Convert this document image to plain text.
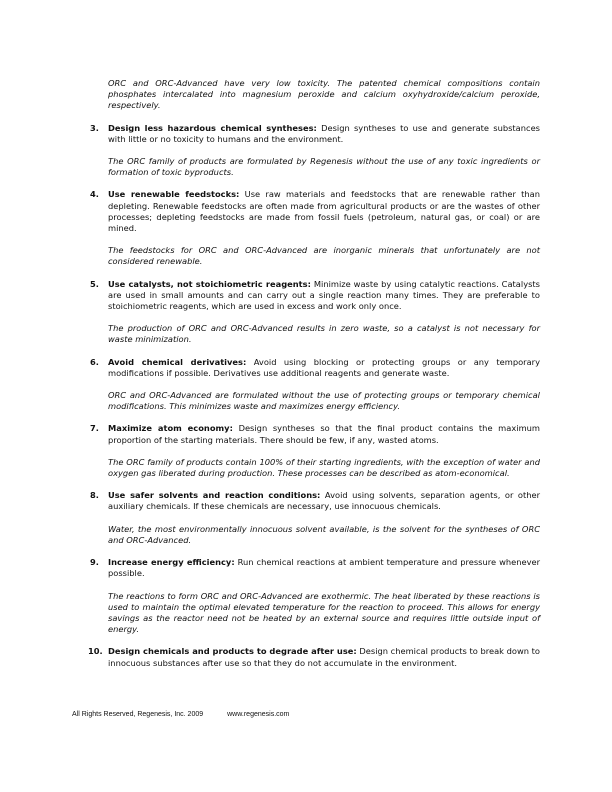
ORC and ORC-Advanced have very low toxicity. The patented chemical compositions contain phosphates intercalated into magnesium peroxide and calcium oxyhydroxide/calcium peroxide, respectively.

3. Design less hazardous chemical syntheses: Design syntheses to use and generate substances with little or no toxicity to humans and the environment.

The ORC family of products are formulated by Regenesis without the use of any toxic ingredients or formation of toxic byproducts.

4. Use renewable feedstocks: Use raw materials and feedstocks that are renewable rather than depleting. Renewable feedstocks are often made from agricultural products or are the wastes of other processes; depleting feedstocks are made from fossil fuels (petroleum, natural gas, or coal) or are mined.

The feedstocks for ORC and ORC-Advanced are inorganic minerals that unfortunately are not considered renewable.

5. Use catalysts, not stoichiometric reagents: Minimize waste by using catalytic reactions. Catalysts are used in small amounts and can carry out a single reaction many times. They are preferable to stoichiometric reagents, which are used in excess and work only once.

The production of ORC and ORC-Advanced results in zero waste, so a catalyst is not necessary for waste minimization.

6. Avoid chemical derivatives: Avoid using blocking or protecting groups or any temporary modifications if possible. Derivatives use additional reagents and generate waste.

ORC and ORC-Advanced are formulated without the use of protecting groups or temporary chemical modifications. This minimizes waste and maximizes energy efficiency.

7. Maximize atom economy: Design syntheses so that the final product contains the maximum proportion of the starting materials. There should be few, if any, wasted atoms.

The ORC family of products contain 100% of their starting ingredients, with the exception of water and oxygen gas liberated during production. These processes can be described as atom-economical.

8. Use safer solvents and reaction conditions: Avoid using solvents, separation agents, or other auxiliary chemicals. If these chemicals are necessary, use innocuous chemicals.

Water, the most environmentally innocuous solvent available, is the solvent for the syntheses of ORC and ORC-Advanced.

9. Increase energy efficiency: Run chemical reactions at ambient temperature and pressure whenever possible.

The reactions to form ORC and ORC-Advanced are exothermic. The heat liberated by these reactions is used to maintain the optimal elevated temperature for the reaction to proceed. This allows for energy savings as the reactor need not be heated by an external source and requires little outside input of energy.

10. Design chemicals and products to degrade after use: Design chemical products to break down to innocuous substances after use so that they do not accumulate in the environment.

All Rights Reserved, Regenesis, Inc. 2009	www.regenesis.com
